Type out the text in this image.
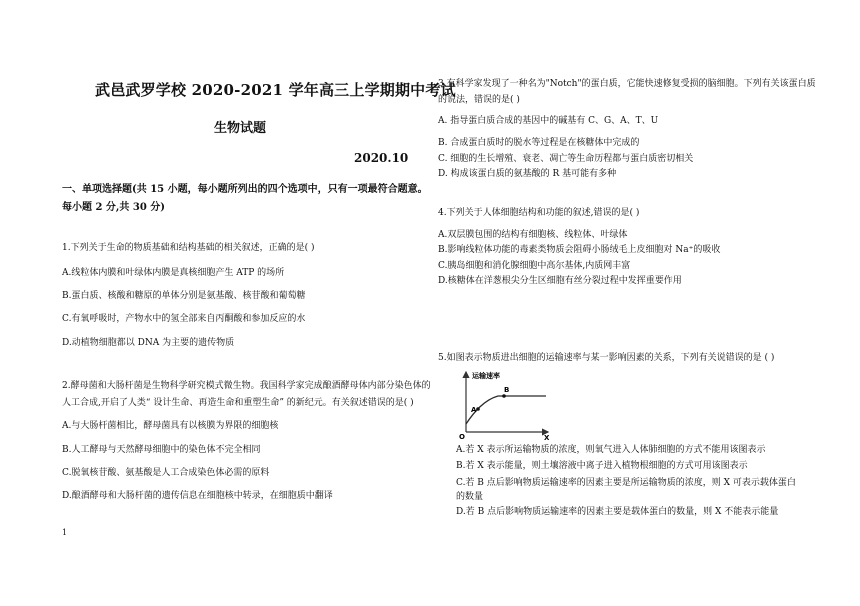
武邑武罗学校 2020-2021 学年高三上学期期中考试
生物试题
2020.10
一、单项选择题(共 15 小题，每小题所列出的四个选项中，只有一项最符合题意。每小题 2 分,共 30 分)
1.下列关于生命的物质基础和结构基础的相关叙述，正确的是( )
A.线粒体内膜和叶绿体内膜是真核细胞产生 ATP 的场所
B.蛋白质、核酸和糖原的单体分别是氨基酸、核苷酸和葡萄糖
C.有氧呼吸时，产物水中的氢全部来自丙酮酸和参加反应的水
D.动植物细胞都以 DNA 为主要的遗传物质
2.酵母菌和大肠杆菌是生物科学研究模式微生物。我国科学家完成酿酒酵母体内部分染色体的
人工合成,开启了人类“ 设计生命、再造生命和重塑生命” 的新纪元。有关叙述错误的是( )
A.与大肠杆菌相比，酵母菌具有以核膜为界限的细胞核
B.人工酵母与天然酵母细胞中的染色体不完全相同
C.脱氧核苷酸、氨基酸是人工合成染色体必需的原料
D.酿酒酵母和大肠杆菌的遗传信息在细胞核中转录，在细胞质中翻译
1
3.有科学家发现了一种名为"Notch"的蛋白质，它能快速修复受损的脑细胞。下列有关该蛋白质
的说法，错误的是( )
A. 指导蛋白质合成的基因中的碱基有 C、G、A、T、U
B. 合成蛋白质时的脱水等过程是在核糖体中完成的
C. 细胞的生长增殖、衰老、凋亡等生命历程都与蛋白质密切相关
D. 构成该蛋白质的氨基酸的 R 基可能有多种
4.下列关于人体细胞结构和功能的叙述,错误的是( )
A.双层膜包围的结构有细胞核、线粒体、叶绿体
B.影响线粒体功能的毒素类物质会阻碍小肠绒毛上皮细胞对 Na⁺的吸收
C.胰岛细胞和消化腺细胞中高尔基体,内质网丰富
D.核糖体在洋葱根尖分生区细胞有丝分裂过程中发挥重要作用
5.如图表示物质进出细胞的运输速率与某一影响因素的关系，下列有关说错误的是 ( )
运输速率
O	X
A
B
A.若 X 表示所运输物质的浓度，则氧气进入人体肺细胞的方式不能用该图表示
B.若 X 表示能量，则土壤溶液中离子进入植物根细胞的方式可用该图表示
C.若 B 点后影响物质运输速率的因素主要是所运输物质的浓度，则 X 可表示载体蛋白的数量
D.若 B 点后影响物质运输速率的因素主要是载体蛋白的数量，则 X 不能表示能量
